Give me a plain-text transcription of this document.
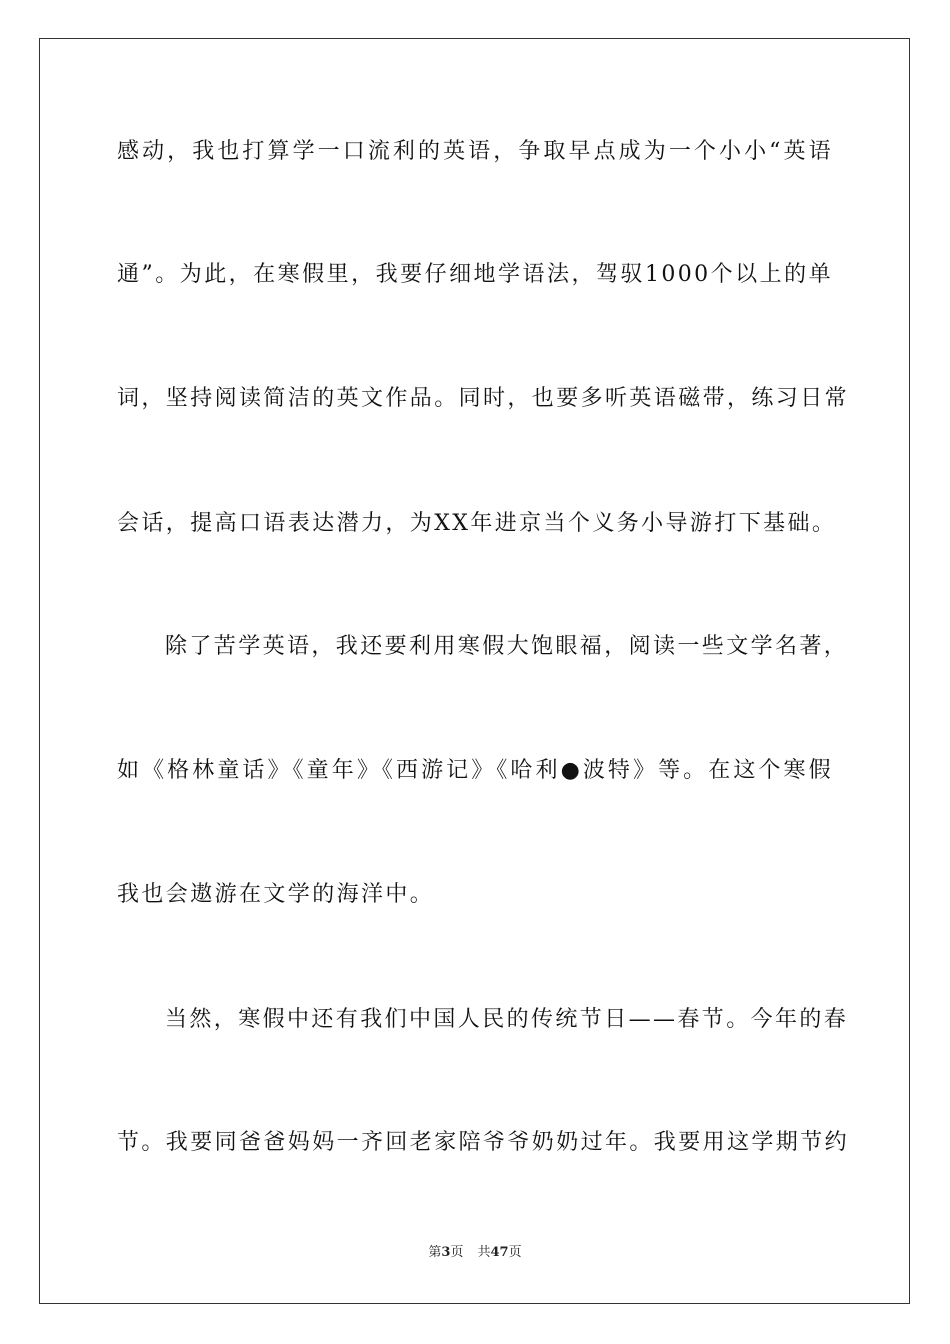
感动，我也打算学一口流利的英语，争取早点成为一个小小“英语
通”。为此，在寒假里，我要仔细地学语法，驾驭1000个以上的单
词，坚持阅读简洁的英文作品。同时，也要多听英语磁带，练习日常
会话，提高口语表达潜力，为XX年进京当个义务小导游打下基础。
除了苦学英语，我还要利用寒假大饱眼福，阅读一些文学名著，
如《格林童话》《童年》《西游记》《哈利●波特》等。在这个寒假
我也会遨游在文学的海洋中。
当然，寒假中还有我们中国人民的传统节日——春节。今年的春
节。我要同爸爸妈妈一齐回老家陪爷爷奶奶过年。我要用这学期节约
第3页 共47页
